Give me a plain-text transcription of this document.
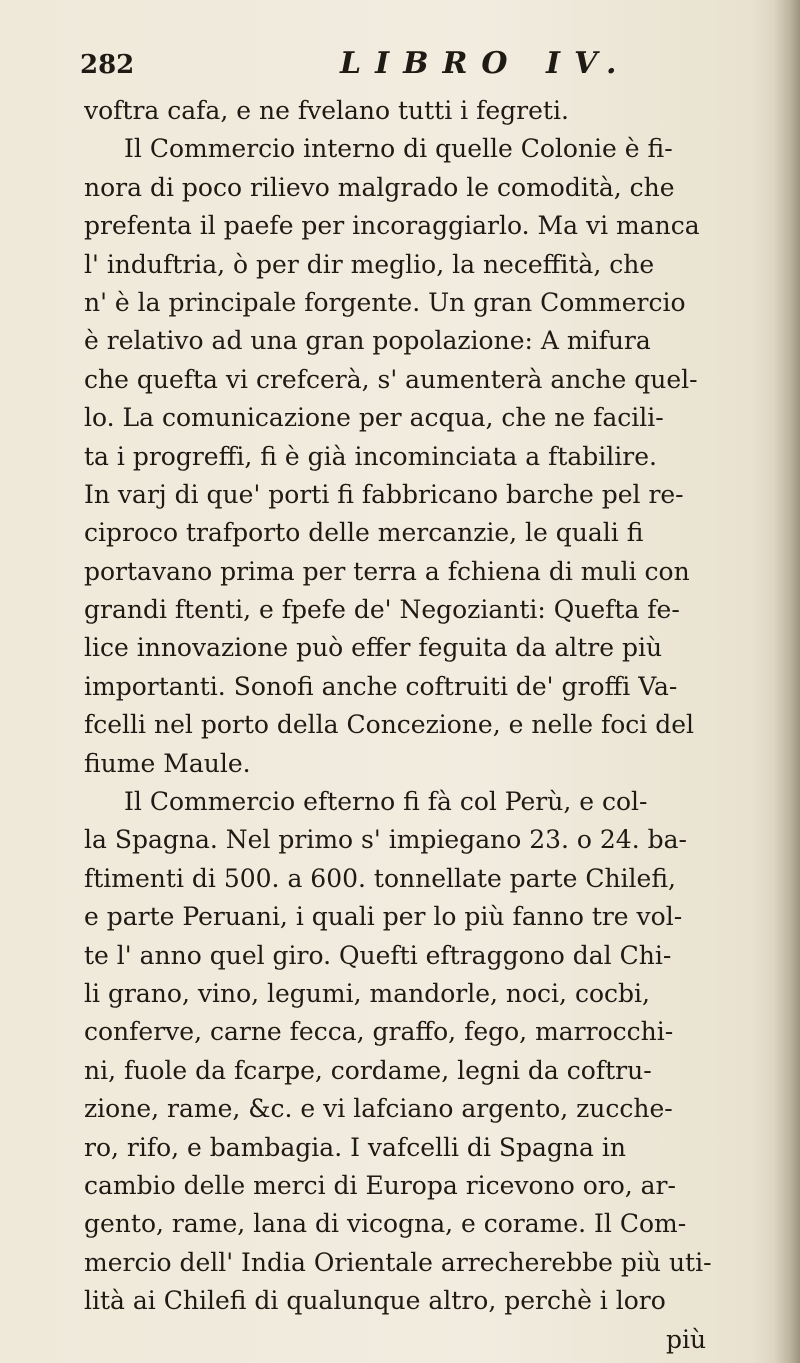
282	LIBRO IV.
voftra cafa, e ne fvelano tutti i fegreti.
Il Commercio interno di quelle Colonie è fi-
nora di poco rilievo malgrado le comodità, che
prefenta il paefe per incoraggiarlo. Ma vi manca
l' induftria, ò per dir meglio, la neceffità, che
n' è la principale forgente. Un gran Commercio
è relativo ad una gran popolazione: A mifura
che quefta vi crefcerà, s' aumenterà anche quel-
lo. La comunicazione per acqua, che ne facili-
ta i progreffi, fi è già incominciata a ftabilire.
In varj di que' porti fi fabbricano barche pel re-
ciproco trafporto delle mercanzie, le quali fi
portavano prima per terra a fchiena di muli con
grandi ftenti, e fpefe de' Negozianti: Quefta fe-
lice innovazione può effer feguita da altre più
importanti. Sonofi anche coftruiti de' groffi Va-
fcelli nel porto della Concezione, e nelle foci del
fiume Maule.
Il Commercio efterno fi fà col Perù, e col-
la Spagna. Nel primo s' impiegano 23. o 24. ba-
ftimenti di 500. a 600. tonnellate parte Chilefi,
e parte Peruani, i quali per lo più fanno tre vol-
te l' anno quel giro. Quefti eftraggono dal Chi-
li grano, vino, legumi, mandorle, noci, cocbi,
conferve, carne fecca, graffo, fego, marrocchi-
ni, fuole da fcarpe, cordame, legni da coftru-
zione, rame, &c. e vi lafciano argento, zucche-
ro, rifo, e bambagia. I vafcelli di Spagna in
cambio delle merci di Europa ricevono oro, ar-
gento, rame, lana di vicogna, e corame. Il Com-
mercio dell' India Orientale arrecherebbe più uti-
lità ai Chilefi di qualunque altro, perchè i loro
più
